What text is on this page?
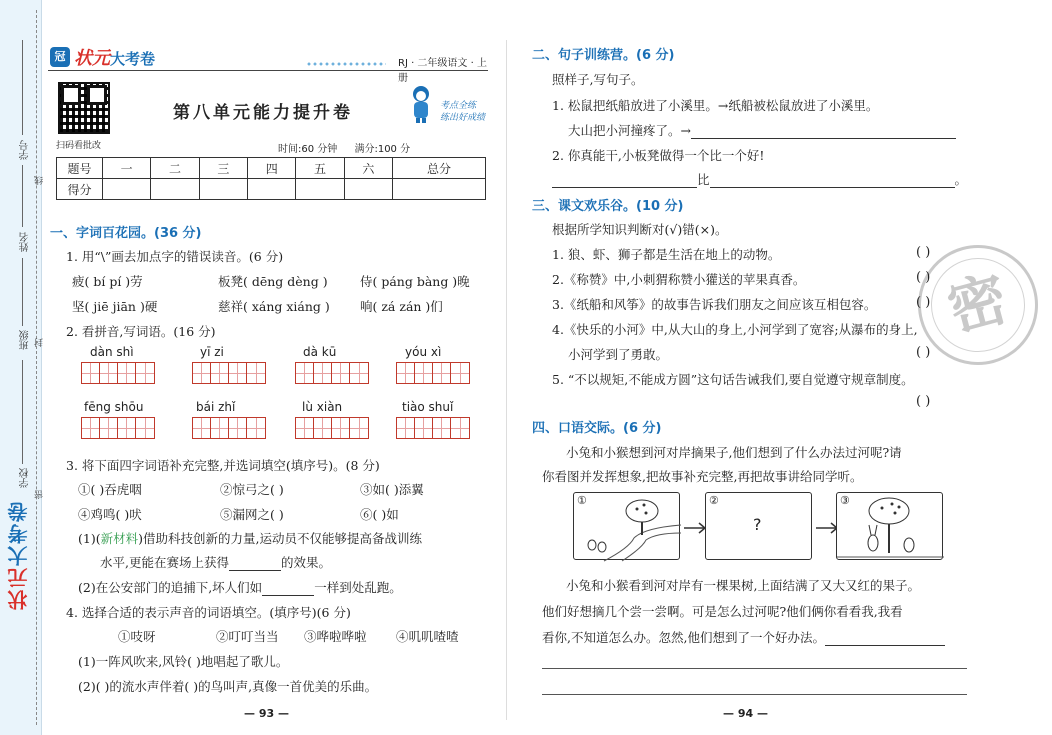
学号
姓名
班级
学校
线
封
密
状元大考卷
冠 状元大考卷	RJ · 二年级语文 · 上册
扫码看批改
第八单元能力提升卷	考点全练
练出好成绩
时间:60 分钟 满分:100 分
题号	一	二	三	四	五	六	总分
得分							
一、字词百花园。(36 分)
1. 用“\”画去加点字的错误读音。(6 分)
疲( bí pí )劳	板凳( dēng dèng )	侍( páng bàng )晚
坚( jiē jiān )硬	慈祥( xáng xiáng ) 响( zá zán )们
2. 看拼音,写词语。(16 分)
dàn shì	yī zi	dà kū	yóu xì
fēng shōu	bái zhǐ	lù xiàn	tiào shuǐ
3. 将下面四字词语补充完整,并选词填空(填序号)。(8 分)
①( )吞虎咽	②惊弓之( )	③如( )添翼
④鸡鸣( )吠	⑤漏网之( )	⑥( )如
(1)(新材料)借助科技创新的力量,运动员不仅能够提高备战训练
水平,更能在赛场上获得	的效果。
(2)在公安部门的追捕下,坏人们如	一样到处乱跑。
4. 选择合适的表示声音的词语填空。(填序号)(6 分)
①吱呀	②叮叮当当 ③哗啦哗啦 ④叽叽喳喳
(1)一阵风吹来,风铃( )地唱起了歌儿。
(2)( )的流水声伴着( )的鸟叫声,真像一首优美的乐曲。
— 93 —
二、句子训练营。(6 分)
照样子,写句子。
1. 松鼠把纸船放进了小溪里。→纸船被松鼠放进了小溪里。
大山把小河撞疼了。→
2. 你真能干,小板凳做得一个比一个好!
比	。
三、课文欢乐谷。(10 分)
根据所学知识判断对(√)错(×)。
密
1. 狼、虾、狮子都是生活在地上的动物。	( )
2.《称赞》中,小刺猬称赞小獾送的苹果真香。	( )
3.《纸船和风筝》的故事告诉我们朋友之间应该互相包容。	( )
4.《快乐的小河》中,从大山的身上,小河学到了宽容;从瀑布的身上,
小河学到了勇敢。	( )
5. “不以规矩,不能成方圆”这句话告诫我们,要自觉遵守规章制度。
( )
四、口语交际。(6 分)
小兔和小猴想到河对岸摘果子,他们想到了什么办法过河呢?请
你看图并发挥想象,把故事补充完整,再把故事讲给同学听。
①	②
?
③
小兔和小猴看到河对岸有一棵果树,上面结满了又大又红的果子。
他们好想摘几个尝一尝啊。可是怎么过河呢?他们俩你看看我,我看
看你,不知道怎么办。忽然,他们想到了一个好办法。
— 94 —
